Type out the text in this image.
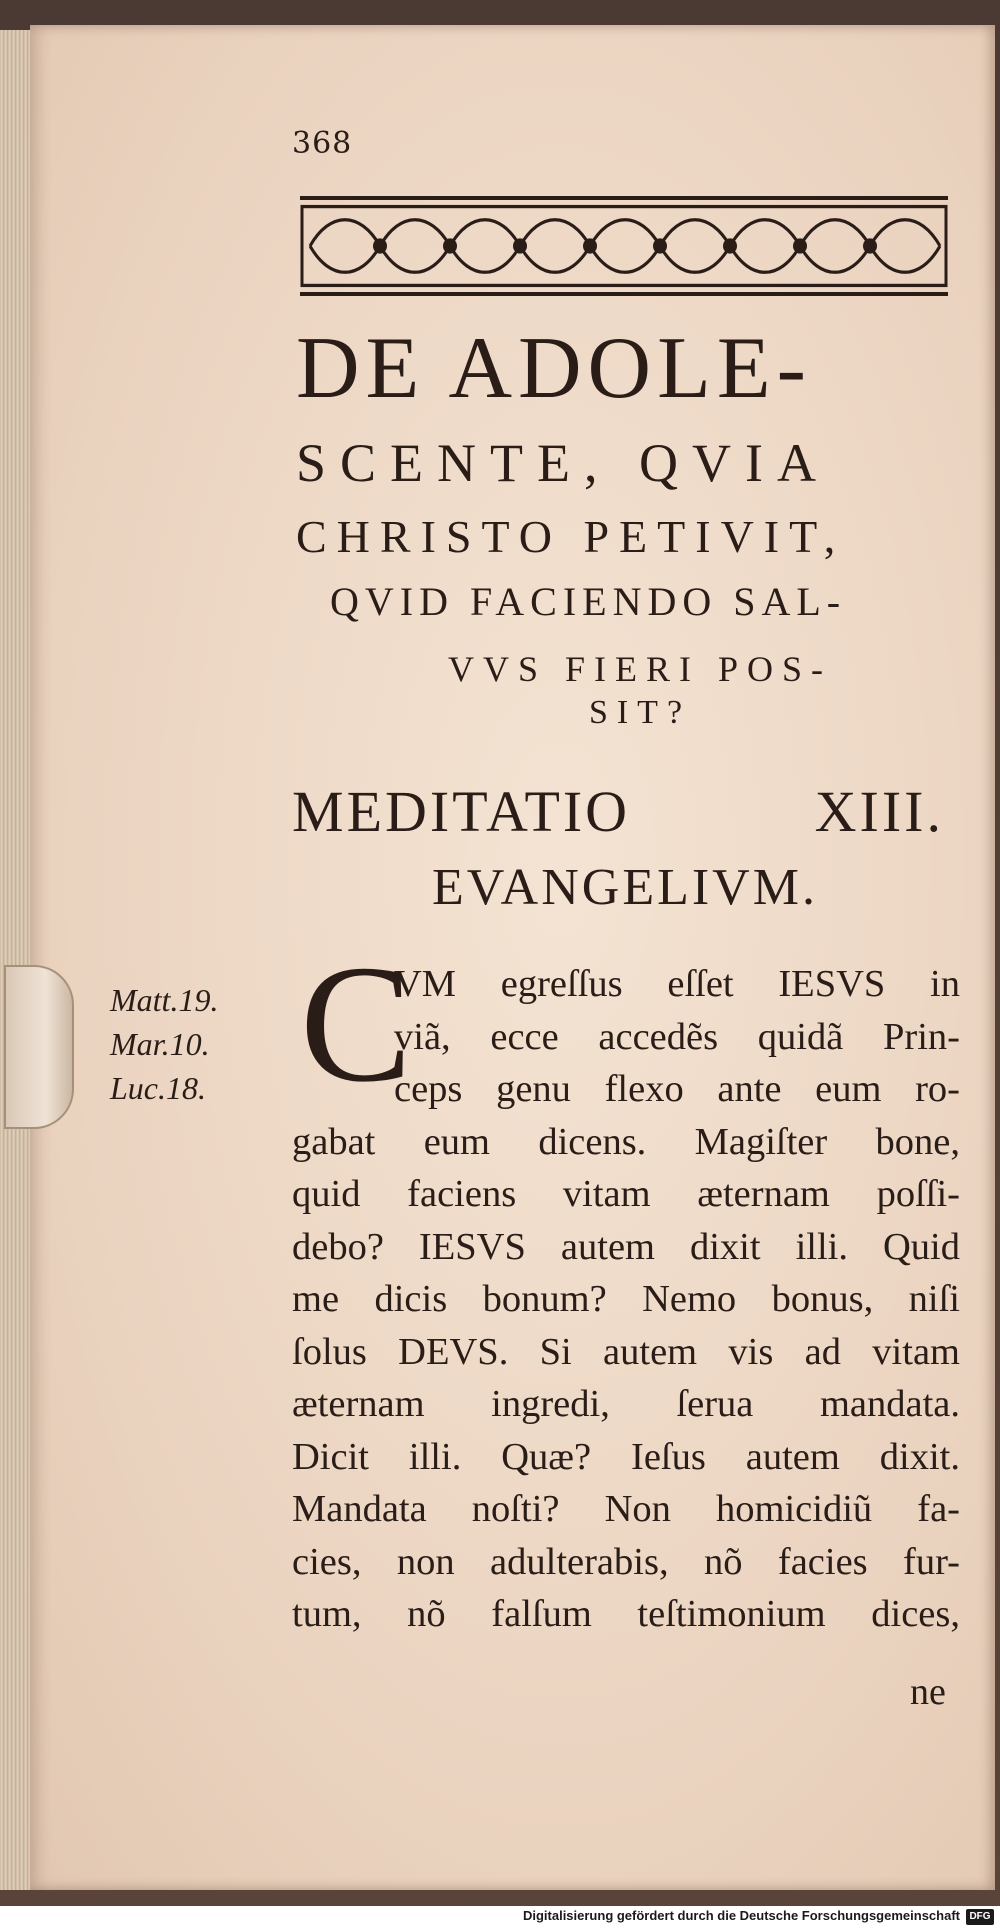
368
DE ADOLE-
SCENTE, QVIA
CHRISTO PETIVIT,
QVID FACIENDO SAL-
VVS FIERI POS-
SIT?
MEDITATIO	XIII.
EVANGELIVM.
Matt.19.
Mar.10.
Luc.18. C
VM egreſſus eſſet IESVS in
viã, ecce accedẽs quidã Prin-
ceps genu flexo ante eum ro-
gabat eum dicens. Magiſter bone,
quid faciens vitam æternam poſſi-
debo? IESVS autem dixit illi. Quid
me dicis bonum? Nemo bonus, niſi
ſolus DEVS. Si autem vis ad vitam
æternam ingredi, ſerua mandata.
Dicit illi. Quæ? Ieſus autem dixit.
Mandata noſti? Non homicidiũ fa-
cies, non adulterabis, nõ facies fur-
tum, nõ falſum teſtimonium dices,
ne
Digitalisierung gefördert durch die Deutsche Forschungsgemeinschaft DFG
